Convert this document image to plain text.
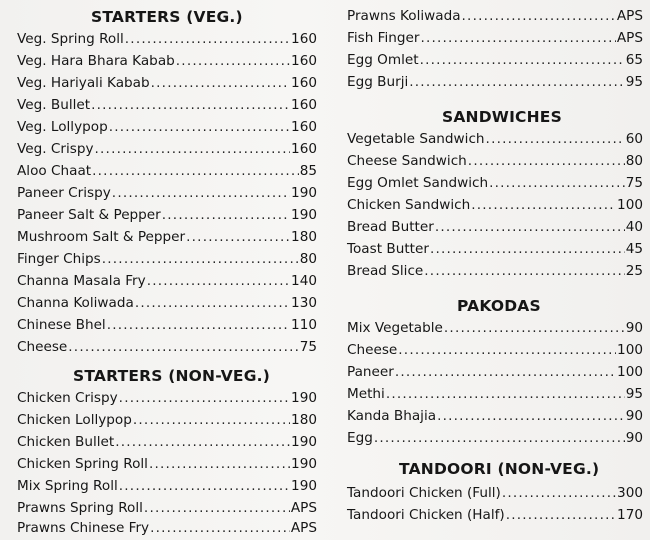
STARTERS (VEG.)
Veg. Spring Roll .....	160
Veg. Hara Bhara Kabab .....	160
Veg. Hariyali Kabab .....	160
Veg. Bullet .....	160
Veg. Lollypop .....	160
Veg. Crispy .....	160
Aloo Chaat .....	85
Paneer Crispy .....	190
Paneer Salt & Pepper .....	190
Mushroom Salt & Pepper .....	180
Finger Chips .....	80
Channa Masala Fry .....	140
Channa Koliwada .....	130
Chinese Bhel .....	110
Cheese .....	75
STARTERS (NON-VEG.)
Chicken Crispy .....	190
Chicken Lollypop .....	180
Chicken Bullet .....	190
Chicken Spring Roll .....	190
Mix Spring Roll .....	190
Prawns Spring Roll .....	APS
Prawns Chinese Fry .....	APS
Prawns Koliwada .....	APS
Fish Finger .....	APS
Egg Omlet .....	65
Egg Burji .....	95
SANDWICHES
Vegetable Sandwich .....	60
Cheese Sandwich .....	80
Egg Omlet Sandwich .....	75
Chicken Sandwich .....	100
Bread Butter .....	40
Toast Butter .....	45
Bread Slice .....	25
PAKODAS
Mix Vegetable .....	90
Cheese .....	100
Paneer .....	100
Methi .....	95
Kanda Bhajia .....	90
Egg .....	90
TANDOORI (NON-VEG.)
Tandoori Chicken (Full) .....	300
Tandoori Chicken (Half) .....	170
